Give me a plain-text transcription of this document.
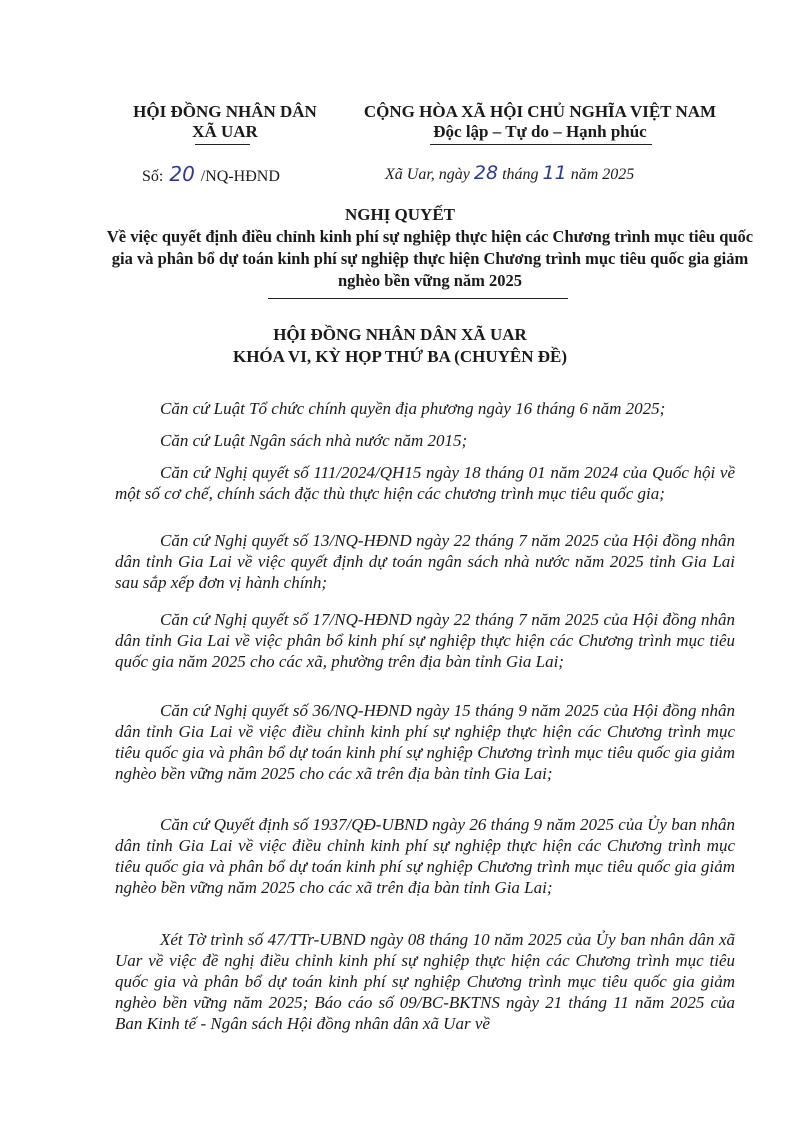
HỘI ĐỒNG NHÂN DÂN
XÃ UAR
CỘNG HÒA XÃ HỘI CHỦ NGHĨA VIỆT NAM
Độc lập – Tự do – Hạnh phúc
Số: 20 /NQ-HĐND	Xã Uar, ngày 28 tháng 11 năm 2025
NGHỊ QUYẾT
Về việc quyết định điều chỉnh kinh phí sự nghiệp thực hiện các Chương trình mục tiêu quốc gia và phân bổ dự toán kinh phí sự nghiệp thực hiện Chương trình mục tiêu quốc gia giảm nghèo bền vững năm 2025
HỘI ĐỒNG NHÂN DÂN XÃ UAR
KHÓA VI, KỲ HỌP THỨ BA (CHUYÊN ĐỀ)
Căn cứ Luật Tổ chức chính quyền địa phương ngày 16 tháng 6 năm 2025;
Căn cứ Luật Ngân sách nhà nước năm 2015;
Căn cứ Nghị quyết số 111/2024/QH15 ngày 18 tháng 01 năm 2024 của Quốc hội về một số cơ chế, chính sách đặc thù thực hiện các chương trình mục tiêu quốc gia;
Căn cứ Nghị quyết số 13/NQ-HĐND ngày 22 tháng 7 năm 2025 của Hội đồng nhân dân tỉnh Gia Lai về việc quyết định dự toán ngân sách nhà nước năm 2025 tỉnh Gia Lai sau sắp xếp đơn vị hành chính;
Căn cứ Nghị quyết số 17/NQ-HĐND ngày 22 tháng 7 năm 2025 của Hội đồng nhân dân tỉnh Gia Lai về việc phân bổ kinh phí sự nghiệp thực hiện các Chương trình mục tiêu quốc gia năm 2025 cho các xã, phường trên địa bàn tỉnh Gia Lai;
Căn cứ Nghị quyết số 36/NQ-HĐND ngày 15 tháng 9 năm 2025 của Hội đồng nhân dân tỉnh Gia Lai về việc điều chỉnh kinh phí sự nghiệp thực hiện các Chương trình mục tiêu quốc gia và phân bổ dự toán kinh phí sự nghiệp Chương trình mục tiêu quốc gia giảm nghèo bền vững năm 2025 cho các xã trên địa bàn tỉnh Gia Lai;
Căn cứ Quyết định số 1937/QĐ-UBND ngày 26 tháng 9 năm 2025 của Ủy ban nhân dân tỉnh Gia Lai về việc điều chỉnh kinh phí sự nghiệp thực hiện các Chương trình mục tiêu quốc gia và phân bổ dự toán kinh phí sự nghiệp Chương trình mục tiêu quốc gia giảm nghèo bền vững năm 2025 cho các xã trên địa bàn tỉnh Gia Lai;
Xét Tờ trình số 47/TTr-UBND ngày 08 tháng 10 năm 2025 của Ủy ban nhân dân xã Uar về việc đề nghị điều chỉnh kinh phí sự nghiệp thực hiện các Chương trình mục tiêu quốc gia và phân bổ dự toán kinh phí sự nghiệp Chương trình mục tiêu quốc gia giảm nghèo bền vững năm 2025; Báo cáo số 09/BC-BKTNS ngày 21 tháng 11 năm 2025 của Ban Kinh tế - Ngân sách Hội đồng nhân dân xã Uar về
